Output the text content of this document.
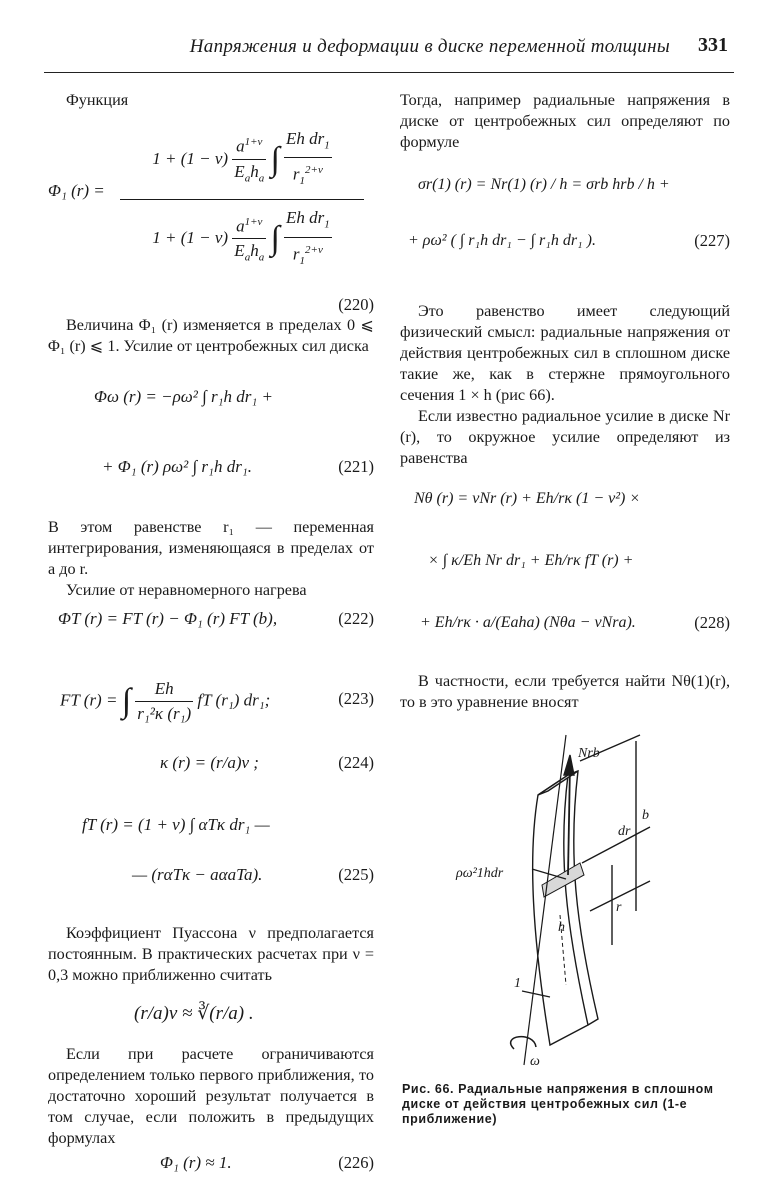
Напряжения и деформации в диске переменной толщины 331

Функция

Φ₁ (r) =
$1 + (1 - \nu) \frac{a^{1+\nu}}{E_ah_a}$ ∫ $\frac{Eh dr_1}{r_1^{2+\nu}}$
$1 + (1 - \nu) \frac{a^{1+\nu}}{E_ah_a}$ ∫ $\frac{Eh dr_1}{r_1^{2+\nu}}$
(220)

Величина Φ₁ (r) изменяется в пределах 0 ⩽ Φ₁ (r) ⩽ 1. Усилие от центробежных сил диска

Φω (r) = −ρω² ∫ r₁h dr₁ +
+ Φ₁ (r) ρω² ∫ r₁h dr₁.	(221)

В этом равенстве r₁ — переменная интегрирования, изменяющаяся в пределах от a до r.

Усилие от неравномерного нагрева

ΦT (r) = FT (r) − Φ₁ (r) FT (b),	(222)
FT (r) = ∫ $\frac{Eh}{\text{r₁²κ (r₁)}}$ fT (r₁) dr₁;	(223)
κ (r) = (r/a)ν ;	(224)
fT (r) = (1 + ν) ∫ αTκ dr₁ —
— (rαTκ − aαaTa).	(225)

Коэффициент Пуассона ν предполагается постоянным. В практических расчетах при ν = 0,3 можно приближенно считать

(r/a)ν ≈ ∛(r/a) .

Если при расчете ограничиваются определением только первого приближения, то достаточно хороший результат получается в том случае, если положить в предыдущих формулах

Φ₁ (r) ≈ 1.	(226)

Тогда, например радиальные напряжения в диске от центробежных сил определяют по формуле

σr(1) (r) = Nr(1) (r) / h = σrb hrb / h +
+ ρω² ( ∫ r₁h dr₁ − ∫ r₁h dr₁ ).	(227)

Это равенство имеет следующий физический смысл: радиальные напряжения от действия центробежных сил в сплошном диске такие же, как в стержне прямоугольного сечения 1 × h (рис 66).

Если известно радиальное усилие в диске Nr (r), то окружное усилие определяют из равенства

Nθ (r) = νNr (r) + Eh/rκ (1 − ν²) ×
× ∫ κ/Eh Nr dr₁ + Eh/rκ fT (r) +
+ Eh/rκ · a/(Eaha) (Nθa − νNra).	(228)

В частности, если требуется найти Nθ(1)(r), то в это уравнение вносят

Nrb
dr
b
r
h
1
ω
ρω²1hdr
Рис. 66. Радиальные напряжения в сплошном диске от действия центробежных сил (1-е приближение)
